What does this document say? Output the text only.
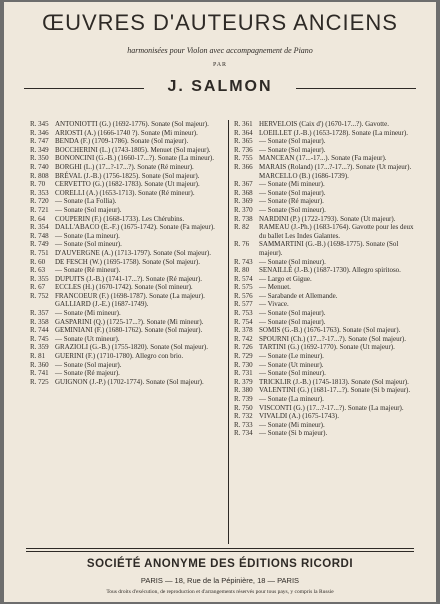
ŒUVRES D'AUTEURS ANCIENS
harmonisées pour Violon avec accompagnement de Piano
PAR
J. SALMON
R. 345 ANTONIOTTI (G.) (1692-1776). Sonate (Sol majeur).
R. 346 ARIOSTI (A.) (1666-1740 ?). Sonate (Mi mineur).
R. 747 BENDA (F.) (1709-1786). Sonate (Sol majeur).
R. 349 BOCCHERINI (L.) (1743-1805). Menuet (Sol majeur).
R. 350 BONONCINI (G.-B.) (1660-17...?). Sonate (La mineur).
R. 740 BORGHI (L.) (17...?-17...?). Sonate (Ré mineur).
R. 808 BRÉVAL (J.-B.) (1756-1825). Sonate (Sol majeur).
R. 70	CERVETTO (G.) (1682-1783). Sonate (Ut majeur).
R. 353 CORELLI (A.) (1653-1713). Sonate (Ré mineur).
R. 720 — Sonate (La Follia).
R. 721 — Sonate (Sol majeur).
R. 64	COUPERIN (F.) (1668-1733). Les Chérubins.
R. 354 DALL'ABACO (E.-F.) (1675-1742). Sonate (Fa majeur).
R. 748 — Sonate (La mineur).
R. 749 — Sonate (Sol mineur).
R. 751 D'AUVERGNE (A.) (1713-1797). Sonate (Sol majeur).
R. 60	DE FESCH (W.) (1695-1758). Sonate (Sol majeur).
R. 63	— Sonate (Ré mineur).
R. 355 DUPUITS (J.-B.) (1741-17...?). Sonate (Ré majeur).
R. 67	ECCLES (H.) (1670-1742). Sonate (Sol mineur).
R. 752 FRANCOEUR (F.) (1698-1787). Sonate (La majeur).
GALLIARD (J.-E.) (1687-1749).
R. 357 — Sonate (Mi mineur).
R. 358 GASPARINI (Q.) (1725-17...?). Sonate (Mi mineur).
R. 744 GEMINIANI (F.) (1680-1762). Sonate (Sol majeur).
R. 745 — Sonate (Ut mineur).
R. 359 GRAZIOLI (G.-B.) (1755-1820). Sonate (Sol majeur).
R. 81	GUERINI (F.) (1710-1780). Allegro con brio.
R. 360 — Sonate (Sol majeur).
R. 741 — Sonate (Ré majeur).
R. 725 GUIGNON (J.-P.) (1702-1774). Sonate (Sol majeur).
R. 361 HERVELOIS (Caix d') (1670-17...?). Gavotte.
R. 364 LOEILLET (J.-B.) (1653-1728). Sonate (La mineur).
R. 365 — Sonate (Sol majeur).
R. 736 — Sonate (Sol majeur).
R. 755 MANCEAN (17...-17...). Sonate (Fa majeur).
R. 366 MARAIS (Roland) (17...?-17...?). Sonate (Ut majeur).
MARCELLO (B.) (1686-1739).
R. 367 — Sonate (Mi mineur).
R. 368 — Sonate (Sol majeur).
R. 369 — Sonate (Ré majeur).
R. 370 — Sonate (Sol mineur).
R. 738 NARDINI (P.) (1722-1793). Sonate (Ut majeur).
R. 82	RAMEAU (J.-Ph.) (1683-1764). Gavotte pour les deux du ballet Les Indes Galantes.
R. 76	SAMMARTINI (G.-B.) (1698-1775). Sonate (Sol majeur).
R. 743 — Sonate (Sol mineur).
R. 80	SENAILLÉ (J.-B.) (1687-1730). Allegro spiritoso.
R. 574 — Largo et Gigue.
R. 575 — Menuet.
R. 576 — Sarabande et Allemande.
R. 577 — Vivace.
R. 753 — Sonate (Sol majeur).
R. 754 — Sonate (Sol majeur).
R. 378 SOMIS (G.-B.) (1676-1763). Sonate (Sol majeur).
R. 742 SPOURNI (Ch.) (17...?-17...?). Sonate (Sol majeur).
R. 726 TARTINI (G.) (1692-1770). Sonate (Ut majeur).
R. 729 — Sonate (Le mineur).
R. 730 — Sonate (Ut mineur).
R. 731 — Sonate (Sol mineur).
R. 379 TRICKLIR (J.-B.) (1745-1813). Sonate (Sol majeur).
R. 380 VALENTINI (G.) (1681-17...?). Sonate (Si b majeur).
R. 739 — Sonate (La mineur).
R. 750 VISCONTI (G.) (17...?-17...?). Sonate (La majeur).
R. 732 VIVALDI (A.) (1675-1743).
R. 733 — Sonate (Mi mineur).
R. 734 — Sonate (Si b majeur).
SOCIÉTÉ ANONYME DES ÉDITIONS RICORDI
PARIS — 18, Rue de la Pépinière, 18 — PARIS
Tous droits d'exécution, de reproduction et d'arrangements réservés pour tous pays, y compris la Russie
